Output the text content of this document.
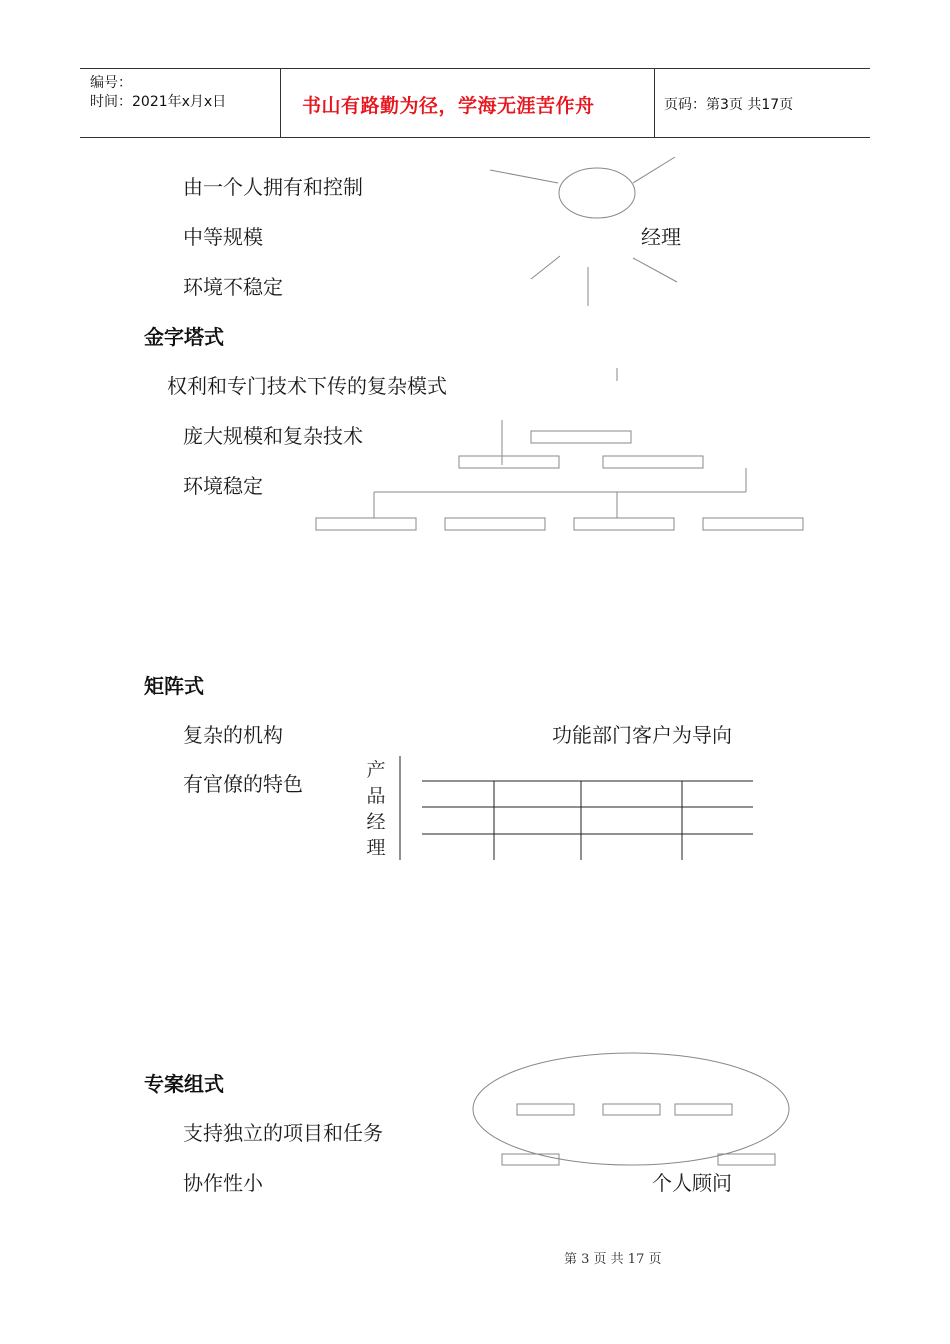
编号：
时间：2021年x月x日	书山有路勤为径，学海无涯苦作舟	页码：第3页 共17页
由一个人拥有和控制
中等规模
环境不稳定
经理
金字塔式
权利和专门技术下传的复杂模式
庞大规模和复杂技术
环境稳定
矩阵式
复杂的机构
有官僚的特色
功能部门客户为导向
产品经理
专案组式
支持独立的项目和任务
协作性小	个人顾问
第 3 页 共 17 页
